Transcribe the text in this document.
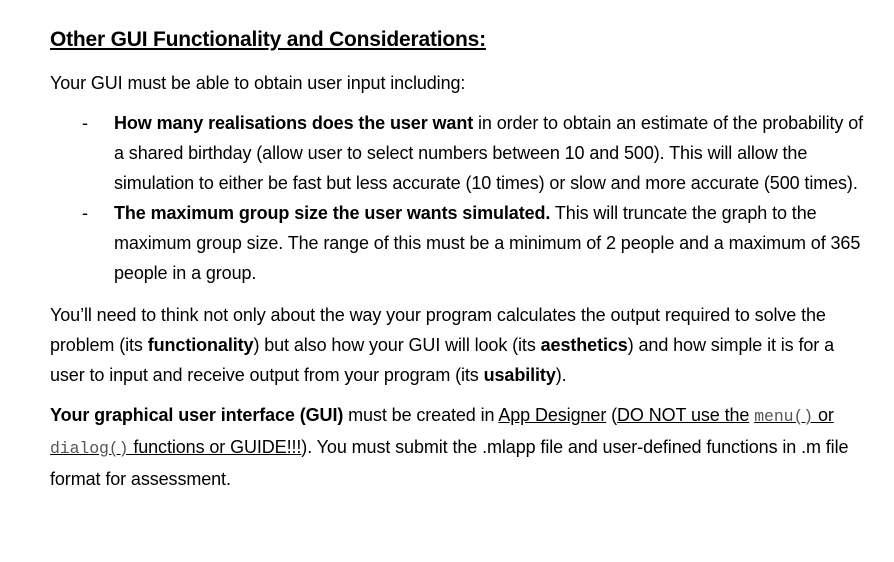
Other GUI Functionality and Considerations:

Your GUI must be able to obtain user input including:

- How many realisations does the user want in order to obtain an estimate of the probability of a shared birthday (allow user to select numbers between 10 and 500). This will allow the simulation to either be fast but less accurate (10 times) or slow and more accurate (500 times).
- The maximum group size the user wants simulated. This will truncate the graph to the maximum group size. The range of this must be a minimum of 2 people and a maximum of 365 people in a group.

You’ll need to think not only about the way your program calculates the output required to solve the problem (its functionality) but also how your GUI will look (its aesthetics) and how simple it is for a user to input and receive output from your program (its usability).

Your graphical user interface (GUI) must be created in App Designer (DO NOT use the menu() or dialog() functions or GUIDE!!!). You must submit the .mlapp file and user-defined functions in .m file format for assessment.
